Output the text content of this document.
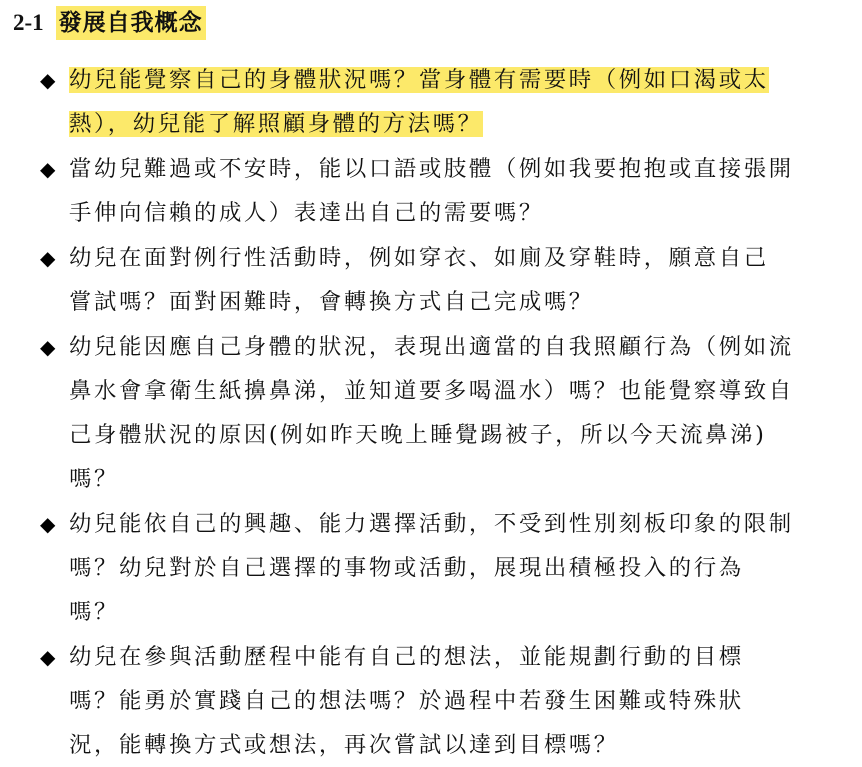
2-1 發展自我概念
◆ 幼兒能覺察自己的身體狀況嗎？當身體有需要時（例如口渴或太
熱），幼兒能了解照顧身體的方法嗎？
◆ 當幼兒難過或不安時，能以口語或肢體（例如我要抱抱或直接張開
手伸向信賴的成人）表達出自己的需要嗎？
◆ 幼兒在面對例行性活動時，例如穿衣、如廁及穿鞋時，願意自己
嘗試嗎？面對困難時，會轉換方式自己完成嗎？
◆ 幼兒能因應自己身體的狀況，表現出適當的自我照顧行為（例如流
鼻水會拿衛生紙擤鼻涕，並知道要多喝溫水）嗎？也能覺察導致自
己身體狀況的原因(例如昨天晚上睡覺踢被子，所以今天流鼻涕)
嗎？
◆ 幼兒能依自己的興趣、能力選擇活動，不受到性別刻板印象的限制
嗎？幼兒對於自己選擇的事物或活動，展現出積極投入的行為
嗎？
◆ 幼兒在參與活動歷程中能有自己的想法，並能規劃行動的目標
嗎？能勇於實踐自己的想法嗎？於過程中若發生困難或特殊狀
況，能轉換方式或想法，再次嘗試以達到目標嗎？
